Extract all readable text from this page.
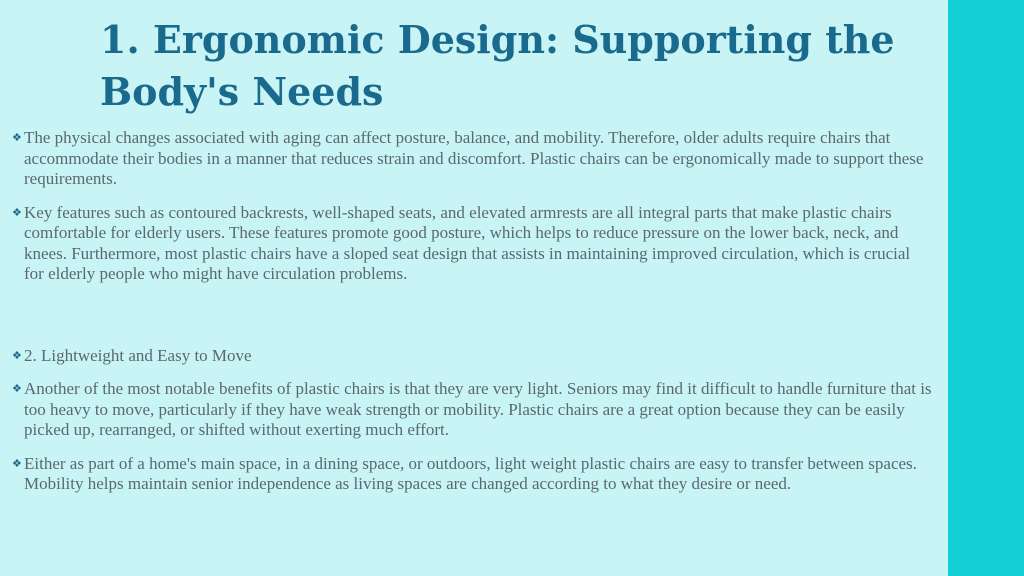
1. Ergonomic Design: Supporting the Body's Needs

❖ The physical changes associated with aging can affect posture, balance, and mobility. Therefore, older adults require chairs that accommodate their bodies in a manner that reduces strain and discomfort. Plastic chairs can be ergonomically made to support these requirements.

❖ Key features such as contoured backrests, well-shaped seats, and elevated armrests are all integral parts that make plastic chairs comfortable for elderly users. These features promote good posture, which helps to reduce pressure on the lower back, neck, and knees. Furthermore, most plastic chairs have a sloped seat design that assists in maintaining improved circulation, which is crucial for elderly people who might have circulation problems.

❖ 2. Lightweight and Easy to Move

❖ Another of the most notable benefits of plastic chairs is that they are very light. Seniors may find it difficult to handle furniture that is too heavy to move, particularly if they have weak strength or mobility. Plastic chairs are a great option because they can be easily picked up, rearranged, or shifted without exerting much effort.

❖ Either as part of a home's main space, in a dining space, or outdoors, light weight plastic chairs are easy to transfer between spaces. Mobility helps maintain senior independence as living spaces are changed according to what they desire or need.
